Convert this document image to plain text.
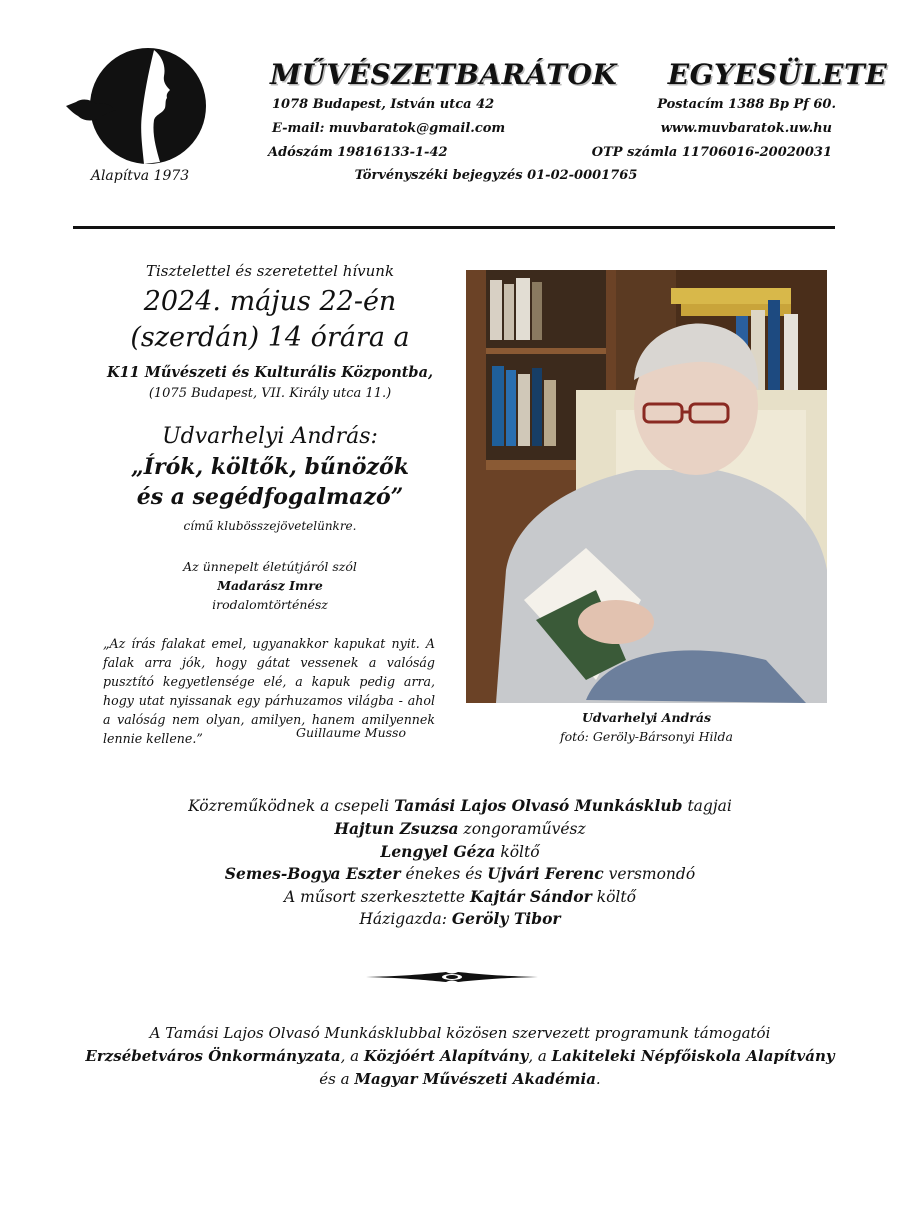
Alapítva 1973
MŰVÉSZETBARÁTOK EGYESÜLETE
1078 Budapest, István utca 42	Postacím 1388 Bp Pf 60.
E-mail: muvbaratok@gmail.com	www.muvbaratok.uw.hu
Adószám 19816133-1-42	OTP számla 11706016-20020031
Törvényszéki bejegyzés 01-02-0001765
Tisztelettel és szeretettel hívunk
2024. május 22-én
(szerdán) 14 órára a
K11 Művészeti és Kulturális Központba,
(1075 Budapest, VII. Király utca 11.)
Udvarhelyi András:
„Írók, költők, bűnözők
és a segédfogalmazó”
című klubösszejövetelünkre.
Az ünnepelt életútjáról szól
Madarász Imre
irodalomtörténész
„Az írás falakat emel, ugyanakkor kapukat nyit. A falak arra jók, hogy gátat vessenek a valóság pusztító kegyetlensége elé, a kapuk pedig arra, hogy utat nyissanak egy párhuzamos világba - ahol a valóság nem olyan, amilyen, hanem amilyennek lennie kellene.”	Guillaume Musso
Udvarhelyi András
fotó: Geröly-Bársonyi Hilda
Közreműködnek a csepeli Tamási Lajos Olvasó Munkásklub tagjai
Hajtun Zsuzsa zongoraművész
Lengyel Géza költő
Semes-Bogya Eszter énekes és Ujvári Ferenc versmondó
A műsort szerkesztette Kajtár Sándor költő
Házigazda: Geröly Tibor
A Tamási Lajos Olvasó Munkásklubbal közösen szervezett programunk támogatói
Erzsébetváros Önkormányzata, a Közjóért Alapítvány, a Lakiteleki Népfőiskola Alapítvány
és a Magyar Művészeti Akadémia.
